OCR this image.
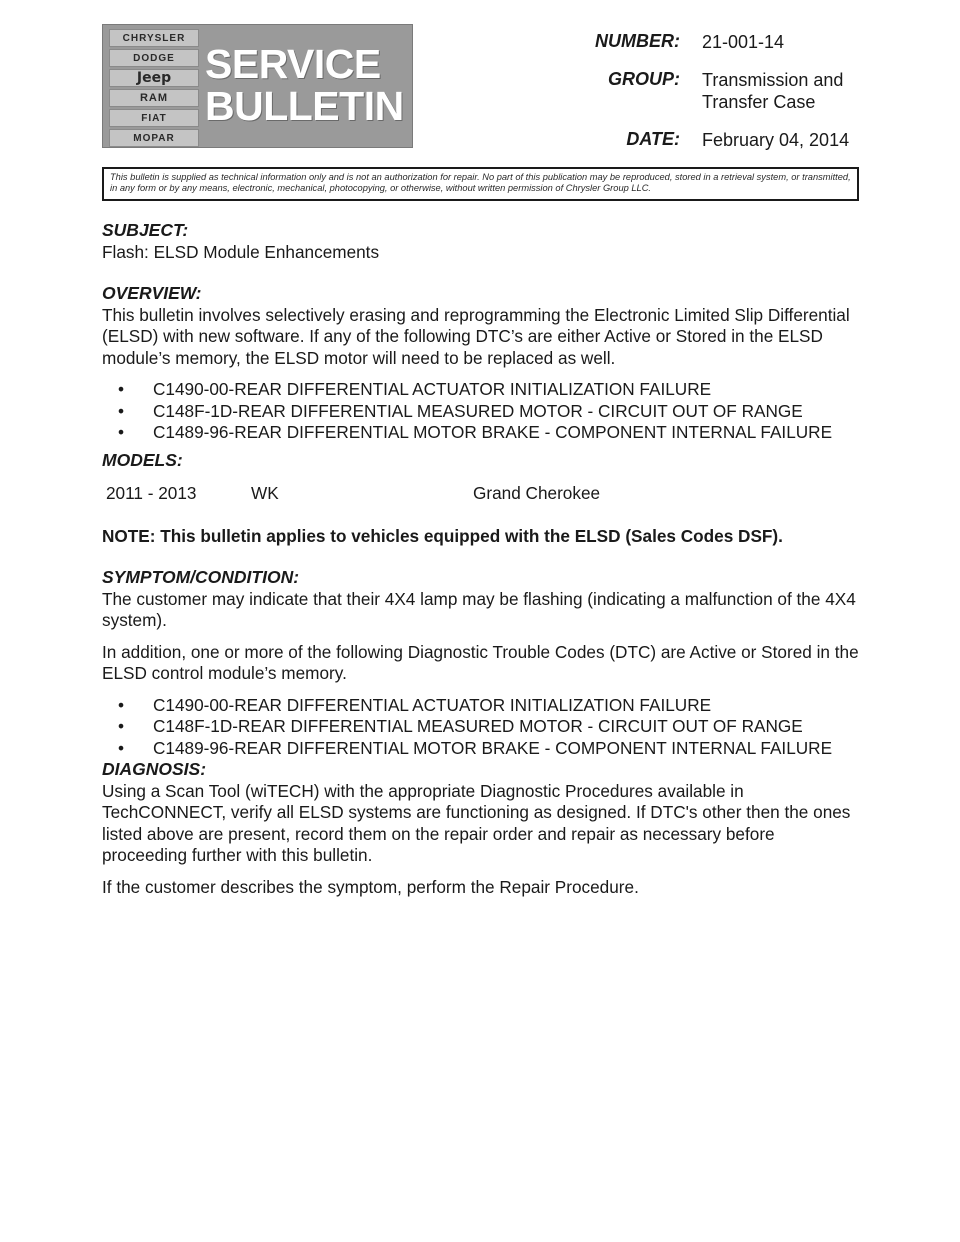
CHRYSLER
DODGE
Jeep
RAM
FIAT
MOPAR
SERVICE
BULLETIN
NUMBER: 21-001-14
GROUP: Transmission and
Transfer Case
DATE: February 04, 2014
This bulletin is supplied as technical information only and is not an authorization for repair. No part of this publication may be reproduced, stored in a retrieval system, or transmitted, in any form or by any means, electronic, mechanical, photocopying, or otherwise, without written permission of Chrysler Group LLC.
SUBJECT:

Flash: ELSD Module Enhancements

OVERVIEW:

This bulletin involves selectively erasing and reprogramming the Electronic Limited Slip Differential (ELSD) with new software. If any of the following DTC’s are either Active or Stored in the ELSD module’s memory, the ELSD motor will need to be replaced as well.

• C1490-00-REAR DIFFERENTIAL ACTUATOR INITIALIZATION FAILURE
• C148F-1D-REAR DIFFERENTIAL MEASURED MOTOR - CIRCUIT OUT OF RANGE
• C1489-96-REAR DIFFERENTIAL MOTOR BRAKE - COMPONENT INTERNAL FAILURE
MODELS:
2011 - 2013	WK	Grand Cherokee

NOTE: This bulletin applies to vehicles equipped with the ELSD (Sales Codes DSF).

SYMPTOM/CONDITION:

The customer may indicate that their 4X4 lamp may be flashing (indicating a malfunction of the 4X4 system).

In addition, one or more of the following Diagnostic Trouble Codes (DTC) are Active or Stored in the ELSD control module’s memory.

• C1490-00-REAR DIFFERENTIAL ACTUATOR INITIALIZATION FAILURE
• C148F-1D-REAR DIFFERENTIAL MEASURED MOTOR - CIRCUIT OUT OF RANGE
• C1489-96-REAR DIFFERENTIAL MOTOR BRAKE - COMPONENT INTERNAL FAILURE
DIAGNOSIS:

Using a Scan Tool (wiTECH) with the appropriate Diagnostic Procedures available in TechCONNECT, verify all ELSD systems are functioning as designed. If DTC's other then the ones listed above are present, record them on the repair order and repair as necessary before proceeding further with this bulletin.

If the customer describes the symptom, perform the Repair Procedure.
